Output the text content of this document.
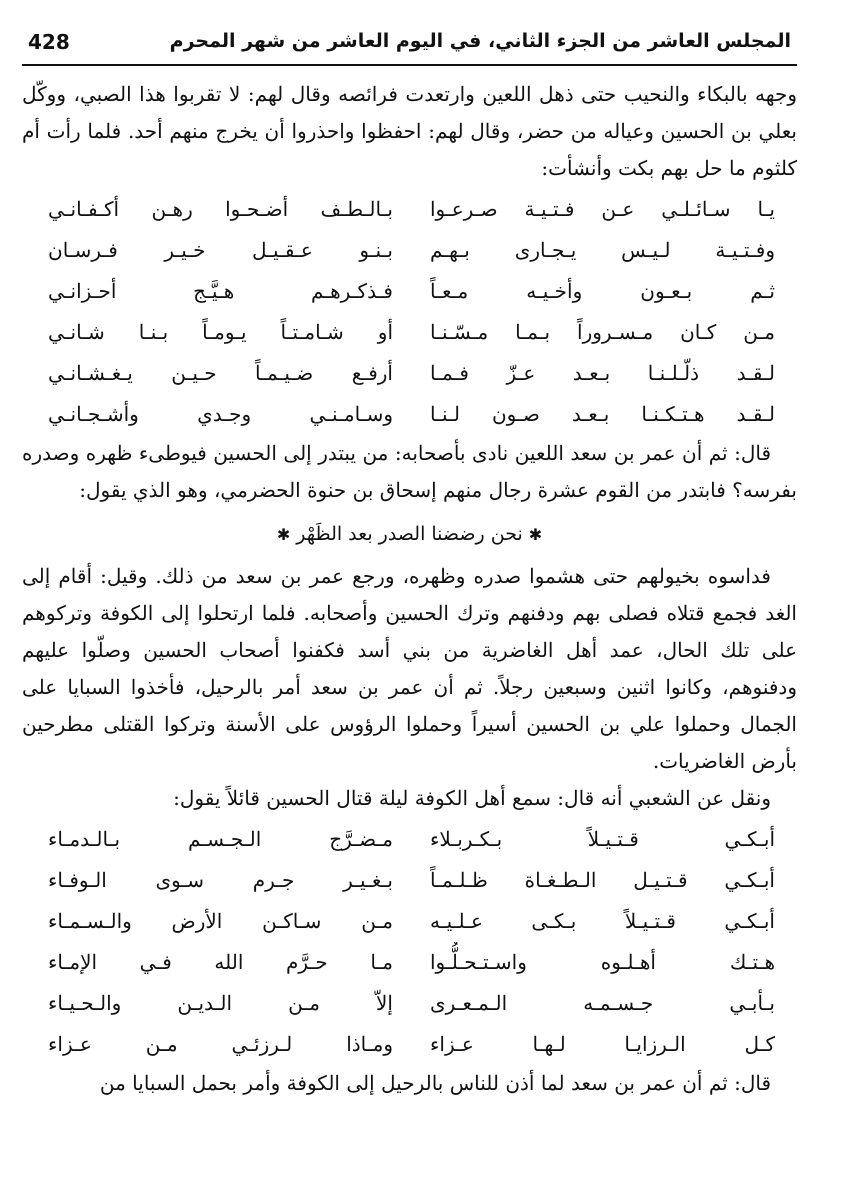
المجلس العاشر من الجزء الثاني، في اليوم العاشر من شهر المحرم
428

وجهه بالبكاء والنحيب حتى ذهل اللعين وارتعدت فرائصه وقال لهم: لا تقربوا هذا الصبي، ووكّل بعلي بن الحسين وعياله من حضر، وقال لهم: احفظوا واحذروا أن يخرج منهم أحد. فلما رأت أم كلثوم ما حل بهم بكت وأنشأت:

يـا سـائـلـي عـن فـتـيـة صـرعـوا
بـالـطـف أضـحـوا رهـن أكـفـانـي
وفـتـيـة لـيـس يـجـارى بـهـم
بـنـو عـقـيـل خـيـر فـرسـان
ثـم بـعـون وأخـيـه مـعـاً
فـذكـرهـم هـيَّـج أحـزانـي
مـن كـان مـسـروراً بـمـا مـسّـنـا
أو شـامـتـاً يـومـاً بـنـا شـانـي
لـقـد ذلّـلـنـا بـعـد عـزّ فـمـا
أرفـع ضـيـمـاً حـيـن يـغـشـانـي
لـقـد هـتـكـنـا بـعـد صـون لـنـا
وسـامـنـي وجـدي وأشـجـانـي

قال: ثم أن عمر بن سعد اللعين نادى بأصحابه: من يبتدر إلى الحسين فيوطىء ظهره وصدره بفرسه؟ فابتدر من القوم عشرة رجال منهم إسحاق بن حنوة الحضرمي، وهو الذي يقول:

✱نحن رضضنا الصدر بعد الظَهْر✱

فداسوه بخيولهم حتى هشموا صدره وظهره، ورجع عمر بن سعد من ذلك. وقيل: أقام إلى الغد فجمع قتلاه فصلى بهم ودفنهم وترك الحسين وأصحابه. فلما ارتحلوا إلى الكوفة وتركوهم على تلك الحال، عمد أهل الغاضرية من بني أسد فكفنوا أصحاب الحسين وصلّوا عليهم ودفنوهم، وكانوا اثنين وسبعين رجلاً. ثم أن عمر بن سعد أمر بالرحيل، فأخذوا السبايا على الجمال وحملوا علي بن الحسين أسيراً وحملوا الرؤوس على الأسنة وتركوا القتلى مطرحين بأرض الغاضريات.

ونقل عن الشعبي أنه قال: سمع أهل الكوفة ليلة قتال الحسين قائلاً يقول:

أبـكـي قـتـيـلاً بـكـربـلاء
مـضـرَّج الـجـسـم بـالـدمـاء
أبـكـي قـتـيـل الـطـغـاة ظـلـمـاً
بـغـيـر جـرم سـوى الـوفـاء
أبـكـي قـتـيـلاً بـكـى عـلـيـه
مـن سـاكـن الأرض والـسـمـاء
هـتـك أهـلـوه واسـتـحـلُّـوا
مـا حـرَّم الله فـي الإمـاء
بـأبـي جـسـمـه الـمـعـرى
إلاّ مـن الـديـن والـحـيـاء
كـل الـرزايـا لـهـا عـزاء
ومـاذا لـرزئـي مـن عـزاء

قال: ثم أن عمر بن سعد لما أذن للناس بالرحيل إلى الكوفة وأمر بحمل السبايا من
